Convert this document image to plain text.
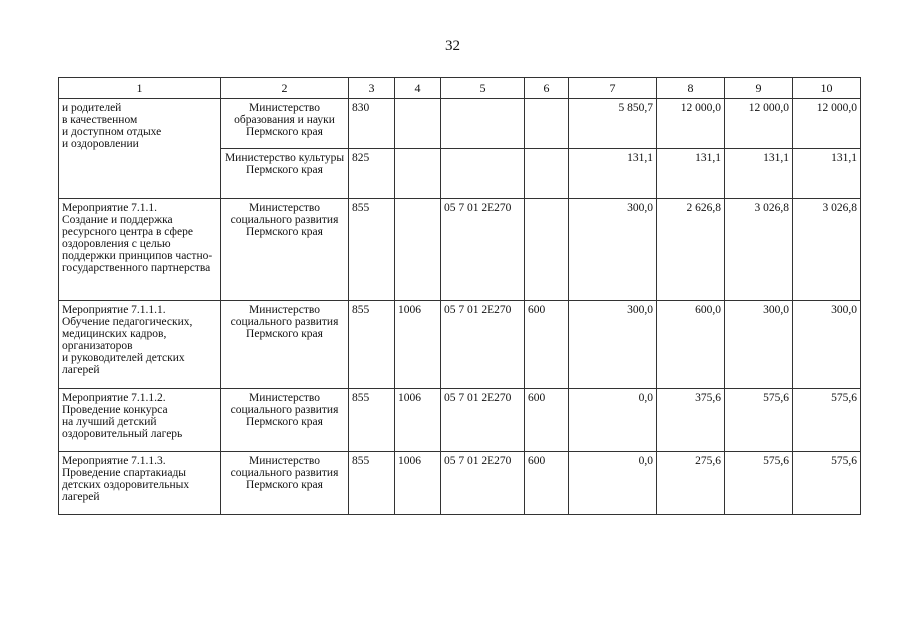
32
1	2	3	4	5	6	7	8	9	10
и родителей
в качественном
и доступном отдыхе
и оздоровлении	Министерство образования и науки Пермского края	830				5 850,7	12 000,0	12 000,0	12 000,0
	Министерство культуры Пермского края	825				131,1	131,1	131,1	131,1
Мероприятие 7.1.1.
Создание и поддержка ресурсного центра в сфере оздоровления с целью поддержки принципов частно-государственного партнерства	Министерство социального развития Пермского края	855		05 7 01 2Е270		300,0	2 626,8	3 026,8	3 026,8
Мероприятие 7.1.1.1.
Обучение педагогических, медицинских кадров, организаторов
и руководителей детских лагерей	Министерство социального развития Пермского края	855	1006	05 7 01 2Е270	600	300,0	600,0	300,0	300,0
Мероприятие 7.1.1.2.
Проведение конкурса
на лучший детский оздоровительный лагерь	Министерство социального развития Пермского края	855	1006	05 7 01 2Е270	600	0,0	375,6	575,6	575,6
Мероприятие 7.1.1.3.
Проведение спартакиады детских оздоровительных лагерей	Министерство социального развития Пермского края	855	1006	05 7 01 2Е270	600	0,0	275,6	575,6	575,6
